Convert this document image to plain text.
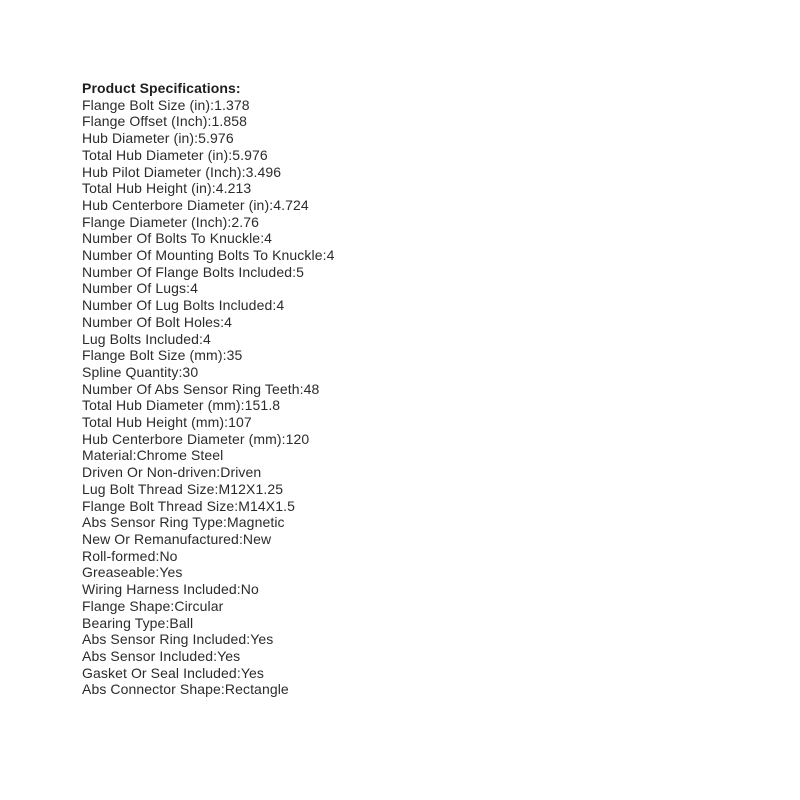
Product Specifications:
Flange Bolt Size (in):1.378
Flange Offset (Inch):1.858
Hub Diameter (in):5.976
Total Hub Diameter (in):5.976
Hub Pilot Diameter (Inch):3.496
Total Hub Height (in):4.213
Hub Centerbore Diameter (in):4.724
Flange Diameter (Inch):2.76
Number Of Bolts To Knuckle:4
Number Of Mounting Bolts To Knuckle:4
Number Of Flange Bolts Included:5
Number Of Lugs:4
Number Of Lug Bolts Included:4
Number Of Bolt Holes:4
Lug Bolts Included:4
Flange Bolt Size (mm):35
Spline Quantity:30
Number Of Abs Sensor Ring Teeth:48
Total Hub Diameter (mm):151.8
Total Hub Height (mm):107
Hub Centerbore Diameter (mm):120
Material:Chrome Steel
Driven Or Non-driven:Driven
Lug Bolt Thread Size:M12X1.25
Flange Bolt Thread Size:M14X1.5
Abs Sensor Ring Type:Magnetic
New Or Remanufactured:New
Roll-formed:No
Greaseable:Yes
Wiring Harness Included:No
Flange Shape:Circular
Bearing Type:Ball
Abs Sensor Ring Included:Yes
Abs Sensor Included:Yes
Gasket Or Seal Included:Yes
Abs Connector Shape:Rectangle
